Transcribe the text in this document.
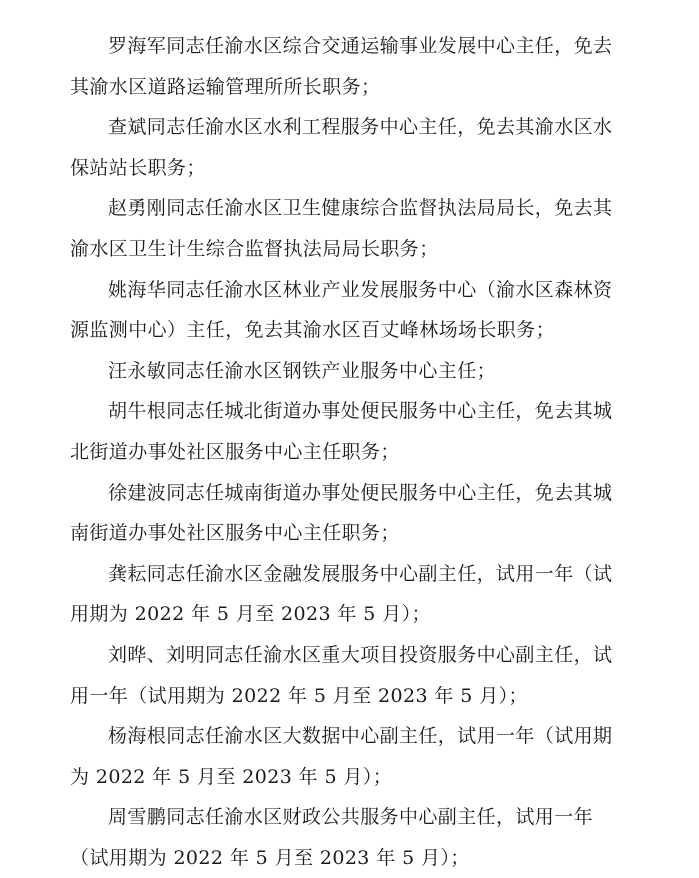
罗海军同志任渝水区综合交通运输事业发展中心主任，免去
其渝水区道路运输管理所所长职务；

查斌同志任渝水区水利工程服务中心主任，免去其渝水区水
保站站长职务；

赵勇刚同志任渝水区卫生健康综合监督执法局局长，免去其
渝水区卫生计生综合监督执法局局长职务；

姚海华同志任渝水区林业产业发展服务中心（渝水区森林资
源监测中心）主任，免去其渝水区百丈峰林场场长职务；

汪永敏同志任渝水区钢铁产业服务中心主任；

胡牛根同志任城北街道办事处便民服务中心主任，免去其城
北街道办事处社区服务中心主任职务；

徐建波同志任城南街道办事处便民服务中心主任，免去其城
南街道办事处社区服务中心主任职务；

龚耘同志任渝水区金融发展服务中心副主任，试用一年（试
用期为 2022 年 5 月至 2023 年 5 月）；

刘晔、刘明同志任渝水区重大项目投资服务中心副主任，试
用一年（试用期为 2022 年 5 月至 2023 年 5 月）；

杨海根同志任渝水区大数据中心副主任，试用一年（试用期
为 2022 年 5 月至 2023 年 5 月）；

周雪鹏同志任渝水区财政公共服务中心副主任，试用一年
（试用期为 2022 年 5 月至 2023 年 5 月）；
